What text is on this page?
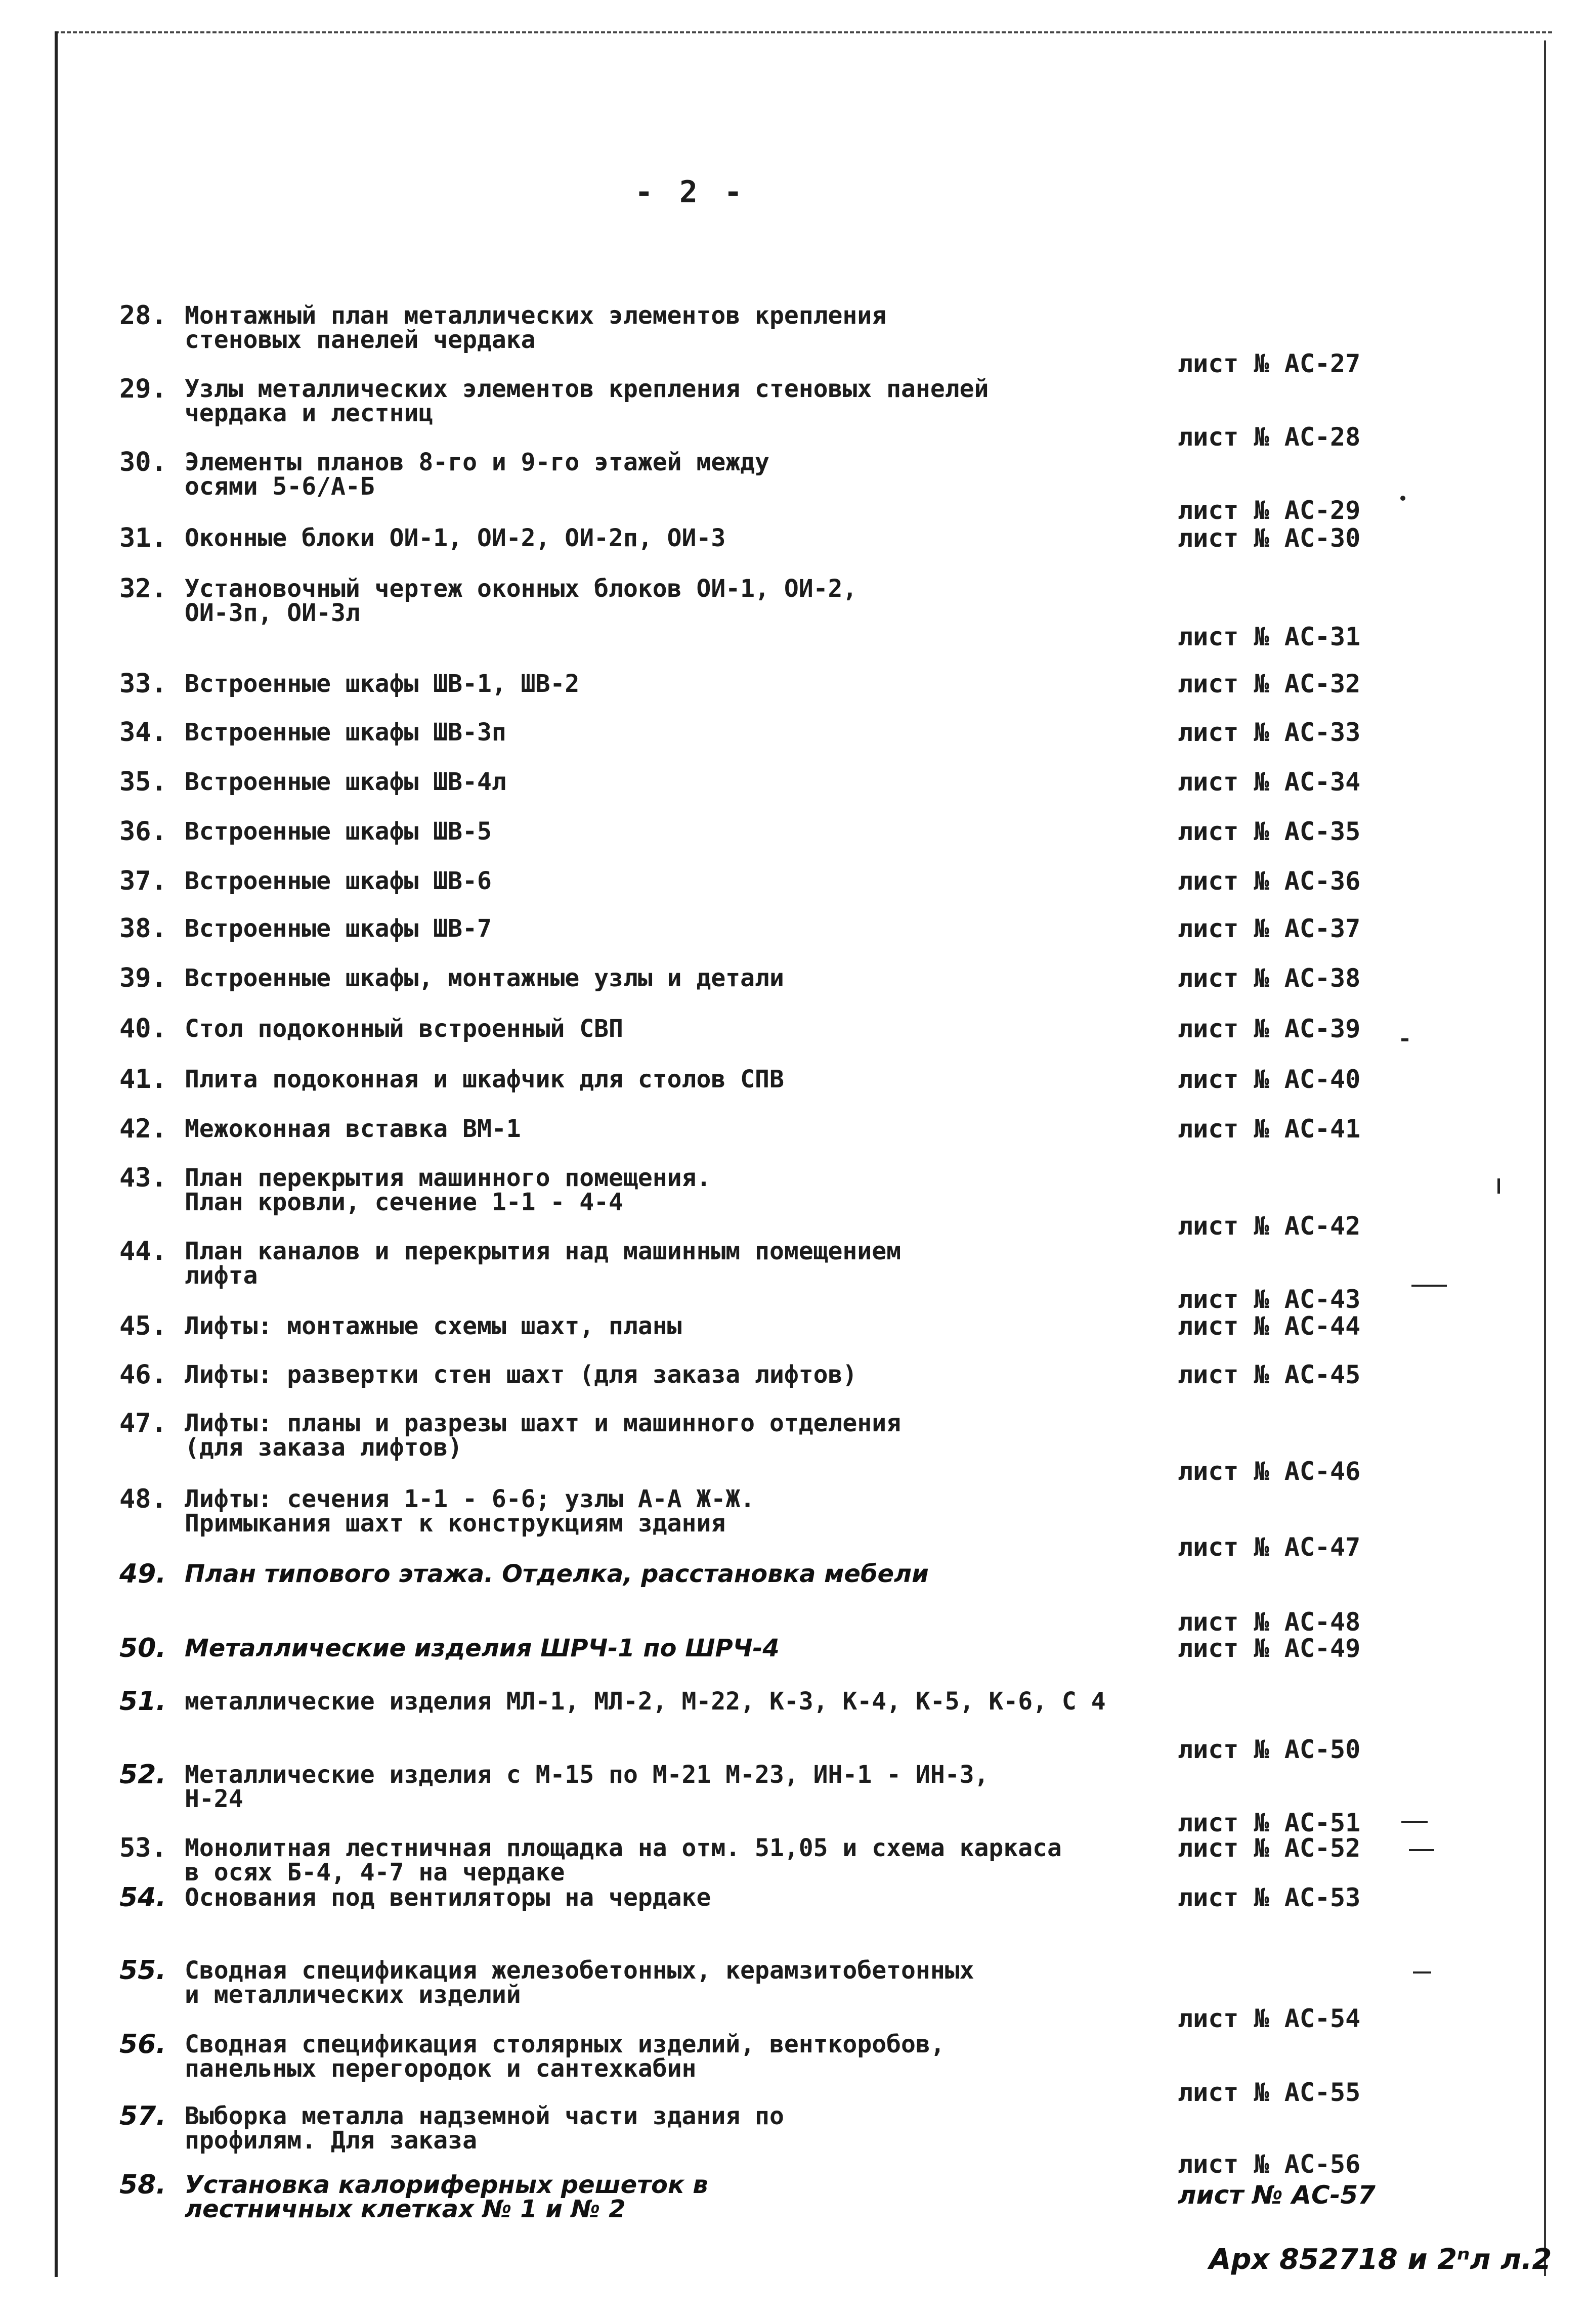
- 2 -
28. Монтажный план металлических элементов крепления
стеновых панелей чердака
лист № АС-27
29. Узлы металлических элементов крепления стеновых панелей
чердака и лестниц
лист № АС-28
30. Элементы планов 8-го и 9-го этажей между
осями 5-6/А-Б
лист № АС-29
31. Оконные блоки ОИ-1, ОИ-2, ОИ-2п, ОИ-3	лист № АС-30
32. Установочный чертеж оконных блоков ОИ-1, ОИ-2,
ОИ-3п, ОИ-3л
лист № АС-31
33. Встроенные шкафы ШВ-1, ШВ-2	лист № АС-32
34. Встроенные шкафы ШВ-3п	лист № АС-33
35. Встроенные шкафы ШВ-4л	лист № АС-34
36. Встроенные шкафы ШВ-5	лист № АС-35
37. Встроенные шкафы ШВ-6	лист № АС-36
38. Встроенные шкафы ШВ-7	лист № АС-37
39. Встроенные шкафы, монтажные узлы и детали	лист № АС-38
40. Стол подоконный встроенный СВП	лист № АС-39
41. Плита подоконная и шкафчик для столов СПВ	лист № АС-40
42. Межоконная вставка ВМ-1	лист № АС-41
43. План перекрытия машинного помещения.
План кровли, сечение 1-1 - 4-4
лист № АС-42
44. План каналов и перекрытия над машинным помещением
лифта
лист № АС-43
45. Лифты: монтажные схемы шахт, планы	лист № АС-44
46. Лифты: развертки стен шахт (для заказа лифтов)	лист № АС-45
47. Лифты: планы и разрезы шахт и машинного отделения
(для заказа лифтов)
лист № АС-46
48. Лифты: сечения 1-1 - 6-6; узлы А-А Ж-Ж.
Примыкания шахт к конструкциям здания
лист № АС-47
49. План типового этажа. Отделка, расстановка мебели
лист № АС-48
50. Металлические изделия ШРЧ-1 по ШРЧ-4	лист № АС-49
51. металлические изделия МЛ-1, МЛ-2, М-22, К-3, К-4, К-5, К-6, С 4
лист № АС-50
52. Металлические изделия с М-15 по М-21 М-23, ИН-1 - ИН-3,
Н-24
лист № АС-51
53. Монолитная лестничная площадка на отм. 51,05 и схема каркаса
в осях Б-4, 4-7 на чердаке
лист № АС-52
54. Основания под вентиляторы на чердаке	лист № АС-53
55. Сводная спецификация железобетонных, керамзитобетонных
и металлических изделий
лист № АС-54
56. Сводная спецификация столярных изделий, венткоробов,
панельных перегородок и сантехкабин
лист № АС-55
57. Выборка металла надземной части здания по
профилям. Для заказа
лист № АС-56
58. Установка калориферных решеток в
лестничных клетках № 1 и № 2	лист № АС-57
Арх 852718 и 2ⁿл л.2
